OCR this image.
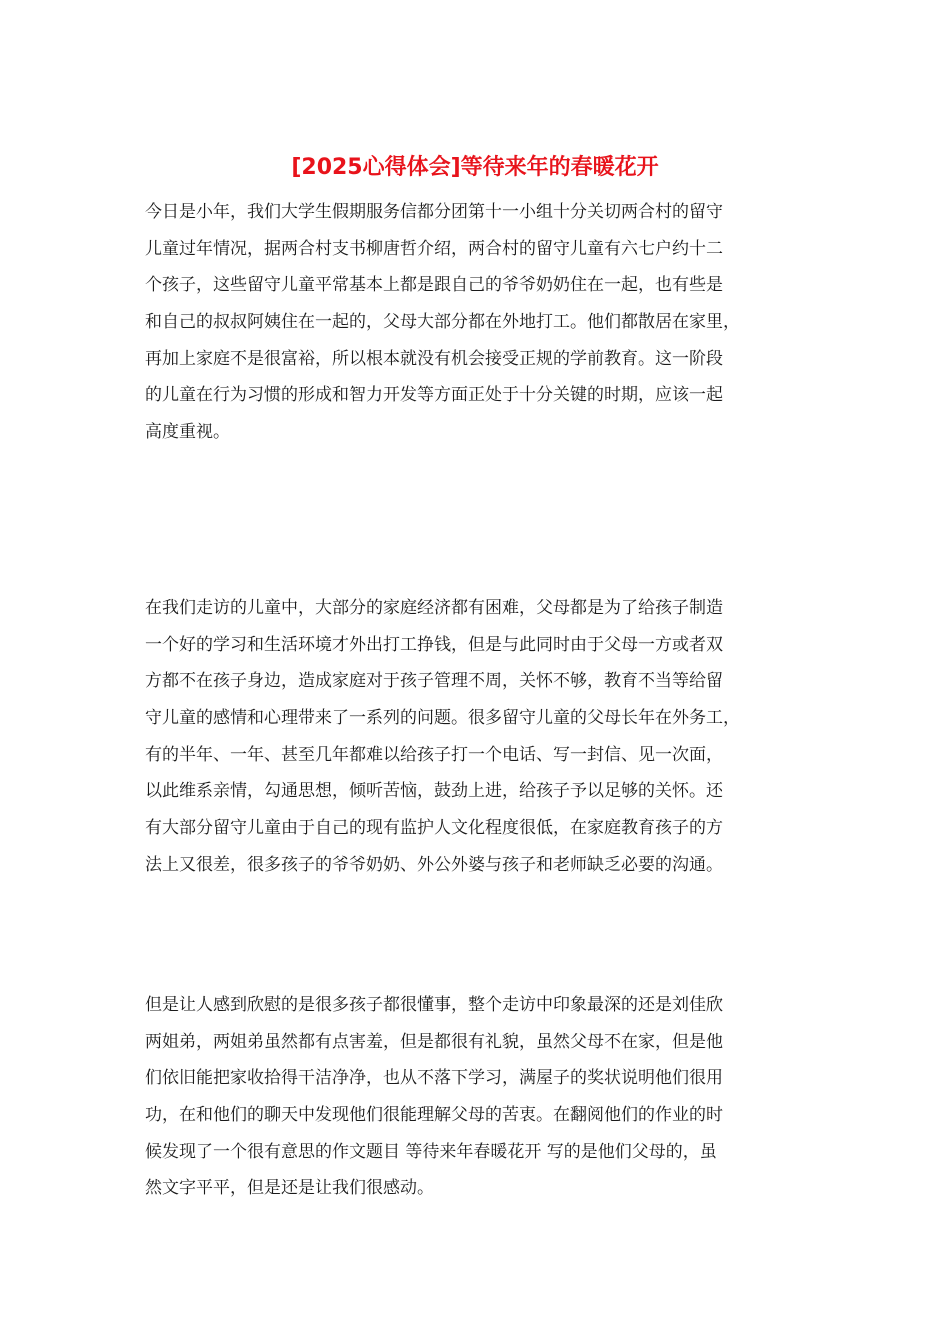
[2025心得体会]等待来年的春暖花开
今日是小年，我们大学生假期服务信都分团第十一小组十分关切两合村的留守
儿童过年情况，据两合村支书柳唐哲介绍，两合村的留守儿童有六七户约十二
个孩子，这些留守儿童平常基本上都是跟自己的爷爷奶奶住在一起，也有些是
和自己的叔叔阿姨住在一起的，父母大部分都在外地打工。他们都散居在家里，
再加上家庭不是很富裕，所以根本就没有机会接受正规的学前教育。这一阶段
的儿童在行为习惯的形成和智力开发等方面正处于十分关键的时期，应该一起
高度重视。
在我们走访的儿童中，大部分的家庭经济都有困难，父母都是为了给孩子制造
一个好的学习和生活环境才外出打工挣钱，但是与此同时由于父母一方或者双
方都不在孩子身边，造成家庭对于孩子管理不周，关怀不够，教育不当等给留
守儿童的感情和心理带来了一系列的问题。很多留守儿童的父母长年在外务工，
有的半年、一年、甚至几年都难以给孩子打一个电话、写一封信、见一次面，
以此维系亲情，勾通思想，倾听苦恼，鼓劲上进，给孩子予以足够的关怀。还
有大部分留守儿童由于自己的现有监护人文化程度很低，在家庭教育孩子的方
法上又很差，很多孩子的爷爷奶奶、外公外婆与孩子和老师缺乏必要的沟通。
但是让人感到欣慰的是很多孩子都很懂事，整个走访中印象最深的还是刘佳欣
两姐弟，两姐弟虽然都有点害羞，但是都很有礼貌，虽然父母不在家，但是他
们依旧能把家收拾得干洁净净，也从不落下学习，满屋子的奖状说明他们很用
功，在和他们的聊天中发现他们很能理解父母的苦衷。在翻阅他们的作业的时
候发现了一个很有意思的作文题目 等待来年春暖花开 写的是他们父母的，虽
然文字平平，但是还是让我们很感动。
